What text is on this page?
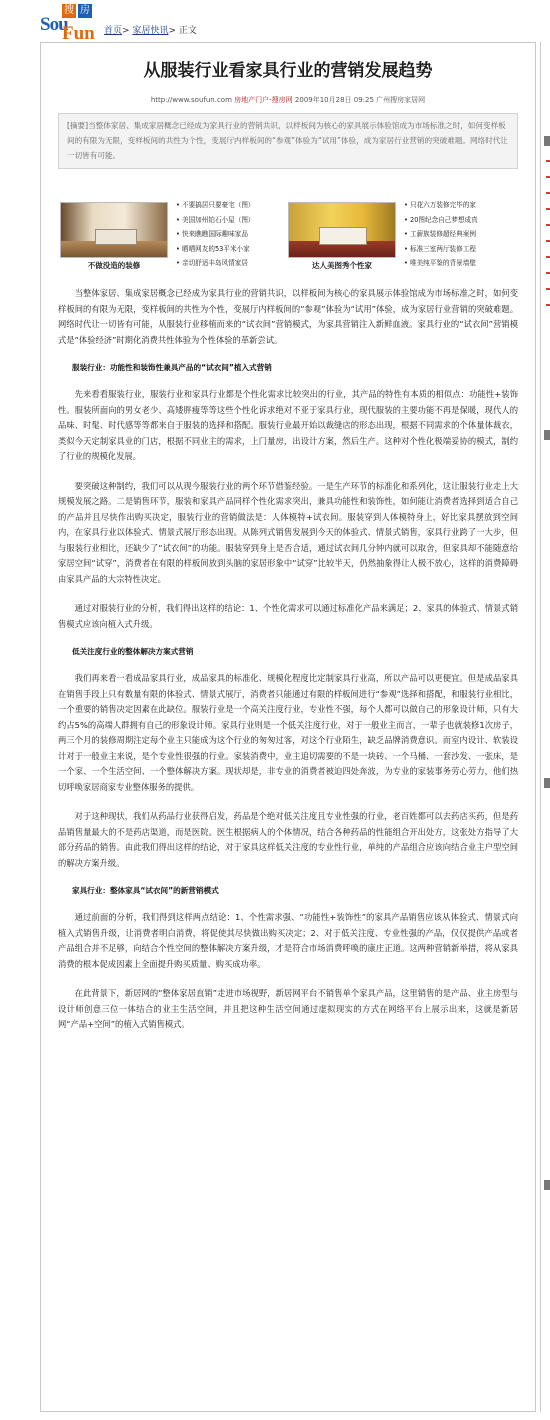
搜 房
Sou
Fun 首页> 家居快讯> 正文
从服装行业看家具行业的营销发展趋势
http://www.soufun.com 房地产门户-搜房网 2009年10月28日 09:25 广州搜房家居网
[摘要]当整体家居、集成家居概念已经成为家具行业的营销共识，以样板间为核心的家具展示体验馆成为市场标准之时，如何变样板间的有限为无限，变样板间的共性为个性，变展厅内样板间的“参观”体验为“试用”体验，成为家居行业营销的突破难题。网络时代让一切皆有可能。
不做没造的装修
• 不要搞居只要豪宅（图）
• 美国加州铂石小屋（图）
• 快来瞧瞧国际趣味家品
• 晒晒网友的53平米小家
• 亲切舒适丰岛风情家居	达人美图秀个性家
• 只花六万装修完毕的家
• 20图纪念自己梦想成真
• 工薪族装修超经典案例
• 标准三室两厅装修工程
• 唯美纯平鉴的背景墙壁

当整体家居、集成家居概念已经成为家具行业的营销共识，以样板间为核心的家具展示体验馆成为市场标准之时，如何变样板间的有限为无限，变样板间的共性为个性，变展厅内样板间的“参观”体验为“试用”体验，成为家居行业营销的突破难题。网络时代让一切皆有可能，从服装行业移植而来的“试衣间”营销模式，为家具营销注入新鲜血液。家具行业的“试衣间”营销模式是“体验经济”时期化消费共性体验为个性体验的革新尝试。

服装行业：功能性和装饰性兼具产品的“试衣间”植入式营销

先来看看服装行业，服装行业和家具行业都是个性化需求比较突出的行业，其产品的特性有本质的相似点：功能性+装饰性。服装所面向的男女老少、高矮胖瘦等等这些个性化诉求绝对不亚于家具行业，现代服装的主要功能不再是保暖，现代人的品味、时髦、时代感等等都来自于服装的选择和搭配。服装行业最开始以裁缝店的形态出现，根据不同需求的个体量体裁衣，类似今天定制家具业的门店，根据不同业主的需求，上门量房，出设计方案，然后生产。这种对个性化极端妥协的模式，制约了行业的规模化发展。

要突破这种制约，我们可以从现今服装行业的两个环节借鉴经验。一是生产环节的标准化和系列化，这让服装行业走上大规模发展之路。二是销售环节，服装和家具产品同样个性化需求突出，兼具功能性和装饰性，如何能让消费者选择到适合自己的产品并且尽快作出购买决定，服装行业的营销做法是：人体模特+试衣间。服装穿到人体模特身上，好比家具摆放到空间内，在家具行业以体验式、情景式展厅形态出现。从陈列式销售发展到今天的体验式、情景式销售，家具行业跨了一大步，但与服装行业相比，还缺少了“试衣间”的功能。服装穿到身上是否合适，通过试衣间几分钟内就可以取舍，但家具却不能随意给家居空间“试穿”，消费者在有限的样板间放到头脑的家居形象中“试穿”比较半天，仍然抽象得让人极不放心，这样的消费障碍由家具产品的大宗特性决定。

通过对服装行业的分析，我们得出这样的结论：1、个性化需求可以通过标准化产品来满足；2、家具的体验式、情景式销售模式应该向植入式升级。

低关注度行业的整体解决方案式营销

我们再来看一看成品家具行业，成品家具的标准化、规模化程度比定制家具行业高，所以产品可以更便宜。但是成品家具在销售手段上只有数量有限的体验式、情景式展厅，消费者只能通过有限的样板间进行“参观”选择和搭配，和服装行业相比，一个重要的销售决定因素在此缺位。服装行业是一个高关注度行业，专业性不强，每个人都可以做自己的形象设计师，只有大约占5%的高端人群拥有自己的形象设计师。家具行业则是一个低关注度行业，对于一般业主而言，一辈子也就装修1次房子，两三个月的装修周期注定每个业主只能成为这个行业的匆匆过客，对这个行业陌生，缺乏品牌消费意识。而室内设计、软装设计对于一般业主来说，是个专业性很强的行业。家装消费中，业主追切需要的不是一块砖、一个马桶、一套沙发、一张床，是一个家、一个生活空间、一个整体解决方案。现状却是，非专业的消费者被迫四处奔波，为专业的家装事务劳心劳力，他们热切呼唤家居商家专业整体服务的提供。

对于这种现状，我们从药品行业获得启发，药品是个绝对低关注度且专业性强的行业，老百姓都可以去药店买药，但是药品销售量最大的不是药店渠道，而是医院。医生根据病人的个体情况，结合各种药品的性能组合开出处方，这张处方指导了大部分药品的销售。由此我们得出这样的结论，对于家具这样低关注度的专业性行业，单纯的产品组合应该向结合业主户型空间的解决方案升级。

家具行业：整体家具“试衣间”的新营销模式

通过前面的分析，我们得到这样两点结论：1、个性需求强、“功能性+装饰性”的家具产品销售应该从体验式、情景式向植入式销售升级，让消费者明白消费，将促使其尽快做出购买决定；2、对于低关注度、专业性强的产品，仅仅提供产品或者产品组合并不足够，向结合个性空间的整体解决方案升级，才是符合市场消费呼唤的康庄正道。这两种营销新举措，将从家具消费的根本促成因素上全面提升购买质量、购买成功率。

在此背景下，新居网的“整体家居直销”走进市场视野，新居网平台不销售单个家具产品，这里销售的是产品、业主房型与设计师创意三位一体结合的业主生活空间，并且把这种生活空间通过虚拟现实的方式在网络平台上展示出来，这就是新居网“产品+空间”的植入式销售模式。
